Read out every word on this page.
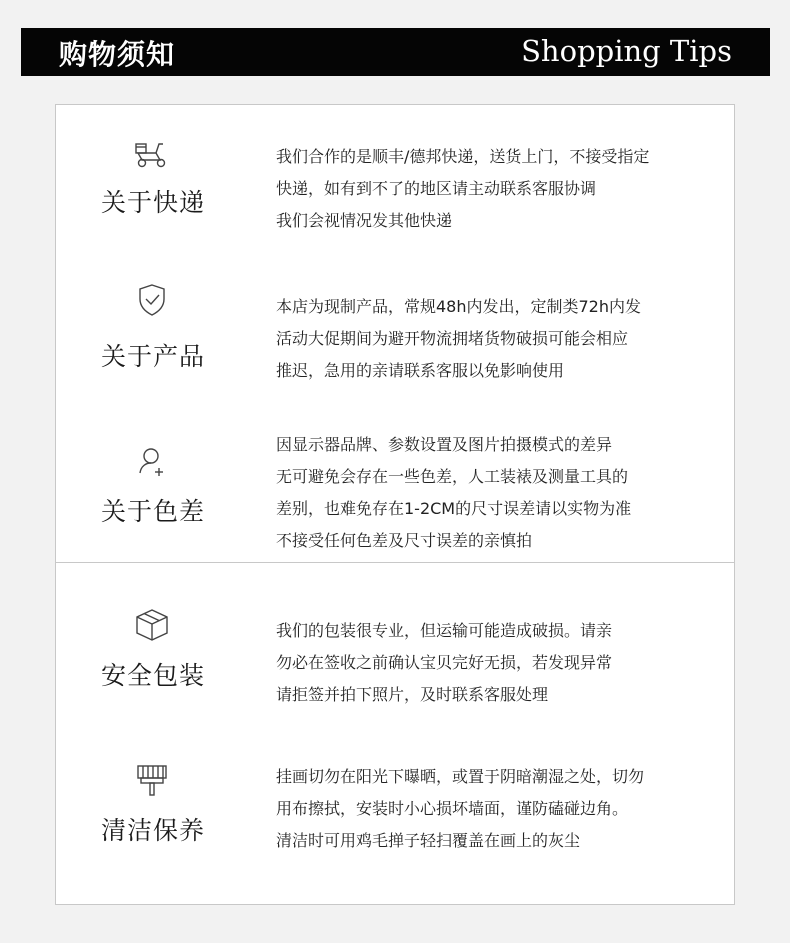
购物须知	Shopping Tips
关于快递
我们合作的是顺丰/德邦快递，送货上门，不接受指定
快递，如有到不了的地区请主动联系客服协调
我们会视情况发其他快递
关于产品
本店为现制产品，常规48h内发出，定制类72h内发
活动大促期间为避开物流拥堵货物破损可能会相应
推迟，急用的亲请联系客服以免影响使用
关于色差
因显示器品牌、参数设置及图片拍摄模式的差异
无可避免会存在一些色差，人工装裱及测量工具的
差别，也难免存在1-2CM的尺寸误差请以实物为准
不接受任何色差及尺寸误差的亲慎拍
安全包装
我们的包装很专业，但运输可能造成破损。请亲
勿必在签收之前确认宝贝完好无损，若发现异常
请拒签并拍下照片，及时联系客服处理
清洁保养
挂画切勿在阳光下曝晒，或置于阴暗潮湿之处，切勿
用布擦拭，安装时小心损坏墙面，谨防磕碰边角。
清洁时可用鸡毛掸子轻扫覆盖在画上的灰尘
